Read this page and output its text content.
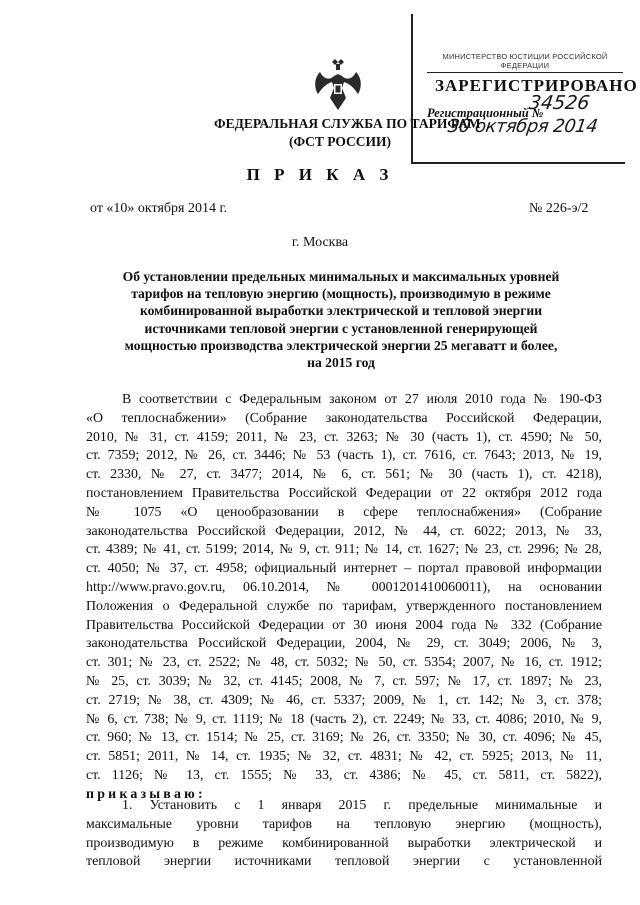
МИНИСТЕРСТВО ЮСТИЦИИ РОССИЙСКОЙ ФЕДЕРАЦИИ
ЗАРЕГИСТРИРОВАНО
Регистрационный №
34526
30 октября 2014
ФЕДЕРАЛЬНАЯ СЛУЖБА ПО ТАРИФАМ
(ФСТ РОССИИ)
П Р И К А З
от «10» октября 2014 г.	№ 226-э/2
г. Москва
Об установлении предельных минимальных и максимальных уровней
тарифов на тепловую энергию (мощность), производимую в режиме
комбинированной выработки электрической и тепловой энергии
источниками тепловой энергии с установленной генерирующей
мощностью производства электрической энергии 25 мегаватт и более,
на 2015 год
В соответствии с Федеральным законом от 27 июля 2010 года № 190-ФЗ
«О теплоснабжении» (Собрание законодательства Российской Федерации,
2010, № 31, ст. 4159; 2011, № 23, ст. 3263; № 30 (часть 1), ст. 4590; № 50,
ст. 7359; 2012, № 26, ст. 3446; № 53 (часть 1), ст. 7616, ст. 7643; 2013, № 19,
ст. 2330, № 27, ст. 3477; 2014, № 6, ст. 561; № 30 (часть 1), ст. 4218),
постановлением Правительства Российской Федерации от 22 октября 2012 года
№ 1075 «О ценообразовании в сфере теплоснабжения» (Собрание
законодательства Российской Федерации, 2012, № 44, ст. 6022; 2013, № 33,
ст. 4389; № 41, ст. 5199; 2014, № 9, ст. 911; № 14, ст. 1627; № 23, ст. 2996; № 28,
ст. 4050; № 37, ст. 4958; официальный интернет – портал правовой информации
http://www.pravo.gov.ru, 06.10.2014, № 0001201410060011), на основании
Положения о Федеральной службе по тарифам, утвержденного постановлением
Правительства Российской Федерации от 30 июня 2004 года № 332 (Собрание
законодательства Российской Федерации, 2004, № 29, ст. 3049; 2006, № 3,
ст. 301; № 23, ст. 2522; № 48, ст. 5032; № 50, ст. 5354; 2007, № 16, ст. 1912;
№ 25, ст. 3039; № 32, ст. 4145; 2008, № 7, ст. 597; № 17, ст. 1897; № 23,
ст. 2719; № 38, ст. 4309; № 46, ст. 5337; 2009, № 1, ст. 142; № 3, ст. 378;
№ 6, ст. 738; № 9, ст. 1119; № 18 (часть 2), ст. 2249; № 33, ст. 4086; 2010, № 9,
ст. 960; № 13, ст. 1514; № 25, ст. 3169; № 26, ст. 3350; № 30, ст. 4096; № 45,
ст. 5851; 2011, № 14, ст. 1935; № 32, ст. 4831; № 42, ст. 5925; 2013, № 11,
ст. 1126; № 13, ст. 1555; № 33, ст. 4386; № 45, ст. 5811, ст. 5822),
приказываю:
1. Установить с 1 января 2015 г. предельные минимальные и
максимальные уровни тарифов на тепловую энергию (мощность),
производимую в режиме комбинированной выработки электрической и
тепловой энергии источниками тепловой энергии с установленной
